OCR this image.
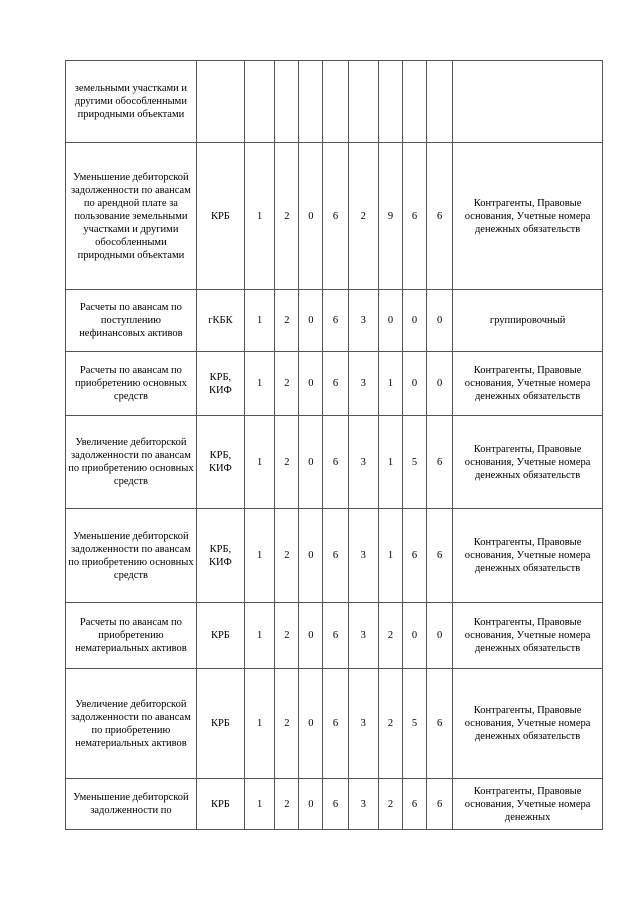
земельными участками и другими обособленными природными объектами										
Уменьшение дебиторской задолженности по авансам по арендной плате за пользование земельными участками и другими обособленными природными объектами	КРБ	1	2	0	6	2	9	6	6	Контрагенты, Правовые основания, Учетные номера денежных обязательств
Расчеты по авансам по поступлению нефинансовых активов	гКБК	1	2	0	6	3	0	0	0	группировочный
Расчеты по авансам по приобретению основных средств	КРБ, КИФ	1	2	0	6	3	1	0	0	Контрагенты, Правовые основания, Учетные номера денежных обязательств
Увеличение дебиторской задолженности по авансам по приобретению основных средств	КРБ, КИФ	1	2	0	6	3	1	5	6	Контрагенты, Правовые основания, Учетные номера денежных обязательств
Уменьшение дебиторской задолженности по авансам по приобретению основных средств	КРБ, КИФ	1	2	0	6	3	1	6	6	Контрагенты, Правовые основания, Учетные номера денежных обязательств
Расчеты по авансам по приобретению нематериальных активов	КРБ	1	2	0	6	3	2	0	0	Контрагенты, Правовые основания, Учетные номера денежных обязательств
Увеличение дебиторской задолженности по авансам по приобретению нематериальных активов	КРБ	1	2	0	6	3	2	5	6	Контрагенты, Правовые основания, Учетные номера денежных обязательств
Уменьшение дебиторской задолженности по	КРБ	1	2	0	6	3	2	6	6	Контрагенты, Правовые основания, Учетные номера денежных
